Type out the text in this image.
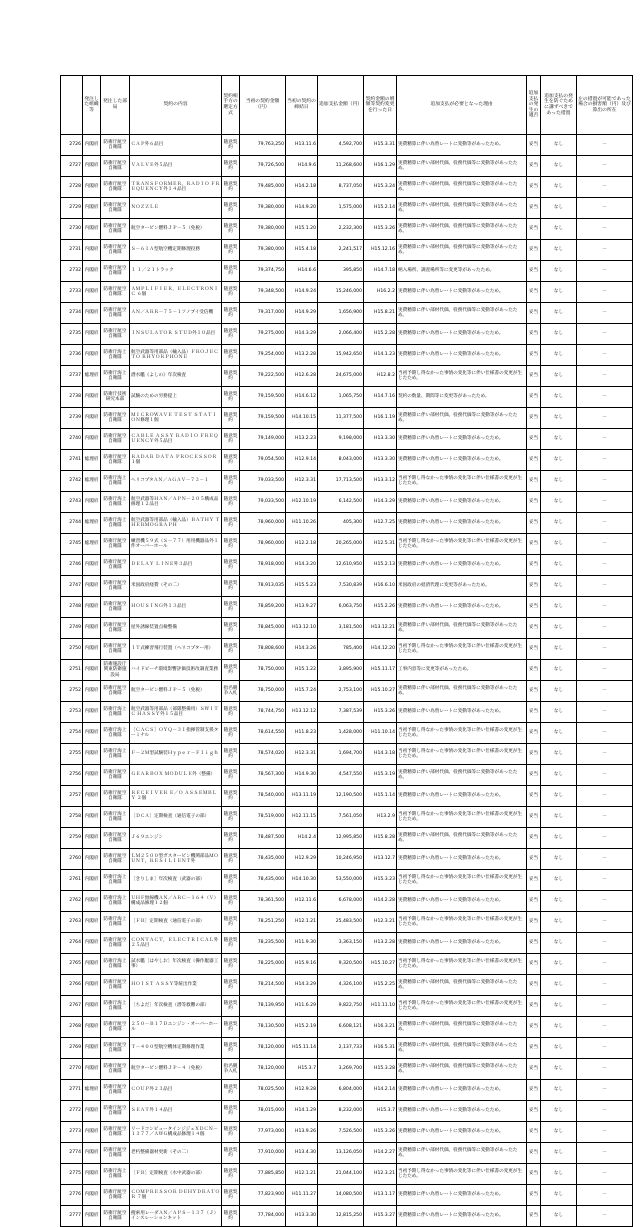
	発注した組織等	発注した部局	契約の内容	契約相手方の選定方式	当初の契約金額（円）	当初の契約の締結日	追加支払金額（円）	契約金額の増額等契約変更を行った日	追加支払が必要となった理由	追加支払の発生の適否	追加支払の発生を防ぐために講ずべきであった措置	左の措置が可能であった場合の損害額（円）及び算出の所在
2726	内閣府	防衛庁航空自衛隊	ＣＡＰ外６品目	随意契約	79,763,250	H13.11.6	4,592,700	H15.3.31	実費精算に伴い為替レートに変動等があったため。	妥当	なし	－
2727	内閣府	防衛庁航空自衛隊	ＶＡＬＶＥ外５品目	随意契約	79,726,500	H14.9.6	11,268,600	H16.1.29	実費精算に伴い部材代価、役務代価等に変動等があったため。	妥当	なし	－
2728	内閣府	防衛庁航空自衛隊	ＴＲＡＮＳＦＯＲＭＥＲ，ＲＡＤＩＯ ＦＲＥＱＵＥＮＣＹ外１４品目	随意契約	79,485,000	H14.2.18	8,737,050	H15.3.24	実費精算に伴い部材代価、役務代価等に変動等があったため。	妥当	なし	－
2729	内閣府	防衛庁航空自衛隊	ＮＯＺＺＬＥ	随意契約	79,380,000	H14.9.20	1,575,000	H15.2.14	実費精算に伴い部材代価、役務代価等に変動等があったため。	妥当	なし	－
2730	内閣府	防衛庁航空自衛隊	航空タービン燃料ＪＰ－５（免税）	随意契約	79,380,000	H15.1.20	2,232,300	H15.3.26	実費精算に伴い部材代価、役務代価等に変動等があったため。	妥当	なし	－
2731	内閣府	防衛庁航空自衛隊	Ｓ－６１Ａ型航空機定期修理役務	随意契約	79,380,000	H15.4.18	2,241,517	H15.12.16	実費精算に伴い部材代価、役務代価等に変動等があったため。	妥当	なし	－
2732	内閣府	防衛庁航空自衛隊	１ １／２１トラック	随意契約	79,374,750	H14.6.6	395,850	H14.7.18	納入場所、調査場所等に変更等があったため。	妥当	なし	－
2733	内閣府	防衛庁航空自衛隊	ＡＭＰＬＩＦＩＥＲ，ＥＬＥＣＴＲＯＮＩＣ ６個	随意契約	79,348,500	H14.9.24	15,246,000	H16.2.2	実費精算に伴い為替レートに変動等があったため。	妥当	なし	－
2734	内閣府	防衛庁航空自衛隊	ＡＮ／ＡＲＲ－７５－１ソノブイ受信機	随意契約	79,317,000	H14.9.29	1,656,900	H15.8.21	実費精算に伴い部材代価、役務代価等に変動等があったため。	妥当	なし	－
2735	内閣府	防衛庁航空自衛隊	ＩＮＳＵＬＡＴＯＲ ＳＴＵＤ外１０品目	随意契約	79,275,000	H14.3.29	2,066,400	H15.2.28	実費精算に伴い為替レートに変動等があったため。	妥当	なし	－
2736	内閣府	防衛庁海上自衛隊	航空武器等用部品（輸入品）ＦＲＯＪＥＣＴＯ ＲＨＹＯＲＰＨＯＮＥ	随意契約	79,254,000	H13.2.28	15,942,650	H14.1.23	実費精算に伴い為替レートに変動等があったため。	妥当	なし	－
2737	総理府	防衛庁海上自衛隊	潜水艦《よしの》年次検査	随意契約	79,222,500	H12.6.28	24,675,000	H12.8.2	当初予期し得なかった事情の変化等に伴い仕様書の変更が生じたため。	妥当	なし	－
2738	内閣府	防衛庁技術研究本部	試験のための労務提上	随意契約	79,159,500	H14.6.12	1,065,750	H14.7.16	契約の数量、期間等に変更等があったため。	妥当	なし	－
2739	内閣府	防衛庁航空自衛隊	ＭＩＣＲＯＷＡＶＥ ＴＥＳＴ ＳＴＡＴＩＯＮ修理１個	随意契約	79,159,500	H14.10.15	11,377,500	H16.1.19	実費精算に伴い部材代価、役務代価等に変動等があったため。	妥当	なし	－
2740	内閣府	防衛庁航空自衛隊	ＣＡＢＬＥ ＡＳＳＹ ＲＡＤＩＯ ＦＲＥＱＵＥＮＣＹ外５品目	随意契約	79,149,000	H13.2.23	9,198,000	H13.3.30	実費精算に伴い為替レートに変動等があったため。	妥当	なし	－
2741	総理府	防衛庁航空自衛隊	ＲＡＤＡＲ ＤＡＴＡ ＰＲＯＣＥＳＳＯＲ １個	随意契約	79,054,500	H12.9.14	8,043,000	H13.3.30	実費精算に伴い為替レートに変動等があったため。	妥当	なし	－
2742	総理府	防衛庁海上自衛隊	ヘリコプタＡＮ／ＡＧＡＶ－７３－１	随意契約	79,033,500	H12.3.31	17,713,500	H13.3.12	当初予期し得なかった事情の変化等に伴い仕様書の変更が生じたため。	妥当	なし	－
2743	内閣府	防衛庁海上自衛隊	航空武器等ＨＡＮ／ＡＰＮ－２０５構成品修理１２品目	随意契約	79,033,500	H12.10.19	6,142,500	H14.3.29	実費精算に伴い為替レートに変動等があったため。	妥当	なし	－
2744	総理府	防衛庁海上自衛隊	航空武器等用部品（輸入品）ＢＡＴＨＹ ＴＨＥＲＭＯＧＲＡＰＨ	随意契約	78,960,000	H11.10.26	405,300	H12.7.25	実費精算に伴い為替レートに変動等があったため。	妥当	なし	－
2745	総理府	防衛庁航空自衛隊	練習機５９式（Ｓ－７７）用用機器品外１件オーバーホール	随意契約	78,960,000	H12.2.18	20,265,000	H12.5.31	当初予期し得なかった事情の変化等に伴い仕様書の変更が生じたため。	妥当	なし	－
2746	内閣府	防衛庁航空自衛隊	ＤＥＬＡＹ ＬＩＮＥ外３品目	随意契約	78,918,000	H14.3.20	12,610,950	H15.2.13	実費精算に伴い為替レートに変動等があったため。	妥当	なし	－
2747	内閣府	防衛庁航空自衛隊	米国政府経費（その二）	随意契約	78,913,035	H15.5.23	7,530,839	H16.6.10	米国政府の経済代理に変更等があったため。	妥当	なし	－
2748	内閣府	防衛庁航空自衛隊	ＨＯＵＳＩＮＧ外１３品目	随意契約	78,859,200	H13.9.27	6,063,750	H15.2.26	実費精算に伴い為替レートに変動等があったため。	妥当	なし	－
2749	内閣府	防衛庁航空自衛隊	屋外誘線装置点検整備	随意契約	78,845,000	H13.12.10	3,181,500	H13.12.21	実費精算に伴い部材代価、役務代価等に変動等があったため。	妥当	なし	－
2750	内閣府	防衛庁航空自衛隊	ＩＴ式練習飛行装置（ヘリコプター用）	随意契約	78,808,600	H14.3.26	785,400	H14.12.20	当初予期し得なかった事情の変化等に伴い仕様書の変更が生じたため。	妥当	なし	－
2751	内閣府	防衛施設庁関東防衛施設局	ハイドピーチ環境影響評価技術改調査業務	随意契約	78,750,000	H15.1.22	3,895,900	H15.11.17	工事内容等に変更等があったため。	妥当	なし	－
2752	内閣府	防衛庁航空自衛隊	航空タービン燃料ＪＰ－５（免税）	指名競争入札	78,750,000	H15.7.24	2,753,100	H15.10.27	実費精算に伴い部材代価、役務代価等に変動等があったため。	妥当	なし	－
2753	内閣府	防衛庁海上自衛隊	航空武器等用部品（部隊整備用）ＳＷＩＴＣ ＨＡＳＳＹ外１５品目	随意契約	78,744,750	H13.12.12	7,387,539	H15.3.26	実費精算に伴い為替レートに変動等があったため。	妥当	なし	－
2754	内閣府	防衛庁海上自衛隊	［ＣＡＣＳ］ＯＹＱ－３１指揮管制支援ターミナル	随意契約	78,614,550	H11.8.23	1,428,000	H11.10.14	当初予期し得なかった事情の変化等に伴い仕様書の変更が生じたため。	妥当	なし	－
2755	内閣府	防衛庁海上自衛隊	Ｆ－２Ｍ型試験装Ｈｙｐｅｒ－Ｆｌｉｇｈ	随意契約	78,574,020	H12.3.31	1,694,700	H14.3.18	当初予期し得なかった事情の変化等に伴い仕様書の変更が生じたため。	妥当	なし	－
2756	内閣府	防衛庁航空自衛隊	ＧＥＡＲＢＯＸ ＭＯＤＵＬＥ外（整備）	随意契約	78,567,300	H14.9.30	4,547,550	H15.3.19	実費精算に伴い部材代価、役務代価等に変動等があったため。	妥当	なし	－
2757	内閣府	防衛庁航空自衛隊	ＲＥＣＥＩＶＥＲ Ｅ／Ｏ ＡＳＳＥＭＢＬＹ ２個	随意契約	78,540,000	H13.11.19	12,190,500	H15.1.14	実費精算に伴い為替レートに変動等があったため。	妥当	なし	－
2758	内閣府	防衛庁海上自衛隊	［ＤＣＡ］定期検査（通信電子の部）	随意契約	78,519,000	H12.11.15	7,561,050	H13.2.9	当初予期し得なかった事情の変化等に伴い仕様書の変更が生じたため。	妥当	なし	－
2759	内閣府	防衛庁航空自衛隊	Ｊ６９エンジン	随意契約	78,487,500	H14.2.4	12,995,850	H15.8.28	実費精算に伴い部材代価、役務代価等に変動等があったため。	妥当	なし	－
2760	内閣府	防衛庁航空自衛隊	ＬＭ２５００型ガスタービン機関部品ＭＯＵＮＴ，ＲＥＳＩＬＩＥＮＴ外	随意契約	78,435,000	H12.9.29	10,246,950	H13.12.7	実費精算に伴い為替レートに変動等があったため。	妥当	なし	－
2761	内閣府	防衛庁海上自衛隊	［きりしま］年次検査（武器の部）	随意契約	78,435,000	H14.10.30	53,550,000	H15.3.23	当初予期し得なかった事情の変化等に伴い仕様書の変更が生じたため。	妥当	なし	－
2762	内閣府	防衛庁海上自衛隊	ＵＨＦ無線機ＡＮ／ＡＲＣ－１６４（Ｖ）構成品修理１２個	随意契約	78,361,500	H12.11.6	6,678,000	H14.2.28	実費精算に伴い為替レートに変動等があったため。	妥当	なし	－
2763	内閣府	防衛庁海上自衛隊	［ＦＢ］定期検査（通信電子の部）	随意契約	78,251,250	H12.1.21	25,483,500	H12.3.21	当初予期し得なかった事情の変化等に伴い仕様書の変更が生じたため。	妥当	なし	－
2764	内閣府	防衛庁航空自衛隊	ＣＯＮＴＡＣＴ，ＥＬＥＣＴＲＩＣＡＬ外２５品目	随意契約	78,235,500	H11.9.30	3,363,150	H13.2.28	実費精算に伴い為替レートに変動等があったため。	妥当	なし	－
2765	内閣府	防衛庁海上自衛隊	試水艦［はやしお］年次検査（操作艇器工事）	随意契約	78,225,000	H15.9.16	9,320,500	H15.10.27	当初予期し得なかった事情の変化等に伴い仕様書の変更が生じたため。	妥当	なし	－
2766	内閣府	防衛庁航空自衛隊	ＨＯＩＳＴ ＡＳＳＹ等統出作業	随意契約	78,214,500	H14.3.29	4,326,100	H15.2.25	実費精算に伴い部材代価、役務代価等に変動等があったため。	妥当	なし	－
2767	内閣府	防衛庁海上自衛隊	［ちよだ］年次検査（潜等救難の部）	随意契約	78,139,950	H11.6.29	9,822,750	H11.11.10	当初予期し得なかった事情の変化等に伴い仕様書の変更が生じたため。	妥当	なし	－
2768	内閣府	防衛庁航空自衛隊	２５０－Ｂ１７Ｄエンジン・オーバーホール	随意契約	78,130,500	H15.2.19	6,608,121	H16.3.21	実費精算に伴い部材代価、役務代価等に変動等があったため。	妥当	なし	－
2769	内閣府	防衛庁航空自衛隊	Ｔ－４００型航空機体定期修理作業	随意契約	78,120,000	H15.11.14	2,137,733	H16.5.31	実費精算に伴い部材代価、役務代価等に変動等があったため。	妥当	なし	－
2770	内閣府	防衛庁航空自衛隊	航空タービン燃料ＪＰ－４（免税）	指名競争入札	78,120,000	H15.3.7	3,269,700	H15.3.28	実費精算に伴い部材代価、役務代価等に変動等があったため。	妥当	なし	－
2771	総理府	防衛庁航空自衛隊	ＣＯＵＰ外２３品目	随意契約	78,025,500	H12.9.28	6,804,000	H14.2.14	実費精算に伴い為替レートに変動等があったため。	妥当	なし	－
2772	内閣府	防衛庁航空自衛隊	ＳＥＡＴ外１４品目	随意契約	78,015,000	H14.1.29	8,232,000	H15.3.7	実費精算に伴い為替レートに変動等があったため。	妥当	なし	－
2773	内閣府	防衛庁航空自衛隊	リードコンピュータインジジェＸＤＣＮ－１３７７／ＡＷＧ構成品修理１４個	随意契約	77,973,000	H13.9.26	7,526,500	H15.3.26	実費精算に伴い為替レートに変動等があったため。	妥当	なし	－
2774	内閣府	防衛庁航空自衛隊	老朽整備器材更新（その二）	随意契約	77,910,000	H13.4.30	13,126,050	H14.2.27	実費精算に伴い部材代価、役務代価等に変動等があったため。	妥当	なし	－
2775	内閣府	防衛庁海上自衛隊	［ＦＢ］定期検査（水中武器の部）	随意契約	77,885,850	H12.1.21	21,044,100	H12.3.21	当初予期し得なかった事情の変化等に伴い仕様書の変更が生じたため。	妥当	なし	－
2776	内閣府	防衛庁航空自衛隊	ＣＯＭＰＲＥＳＳＯＲ ＤＥＨＹＤＲＡＴＯＲ ７個	随意契約	77,823,900	H11.11.27	14,080,500	H13.1.17	実費精算に伴い為替レートに変動等があったため。	妥当	なし	－
2777	内閣府	防衛庁航空自衛隊	捜索用レーダＡＮ／ＡＰＳ－１３７（Ｊ）インスレーションキット	随意契約	77,784,000	H13.3.30	12,815,250	H15.3.27	実費精算に伴い為替レートに変動等があったため。	妥当	なし	－
